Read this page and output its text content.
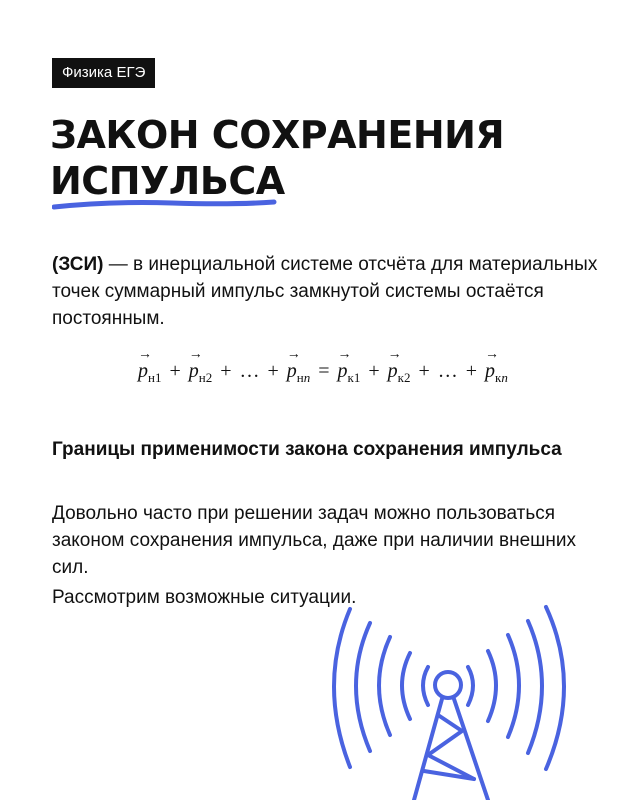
Физика ЕГЭ
ЗАКОН СОХРАНЕНИЯ
ИСПУЛЬСА
(ЗСИ) — в инерциальной системе отсчёта для материальных точек суммарный импульс замкнутой системы остаётся постоянным.
→ $p_{н1}$ + → $p_{н2}$ + … + → $p_{нn}$ = → $p_{к1}$ + → $p_{к2}$ + … + → $p_{кn}$
Границы применимости закона сохранения импульса
Довольно часто при решении задач можно пользоваться законом сохранения импульса, даже при наличии внешних сил.
Рассмотрим возможные ситуации.
